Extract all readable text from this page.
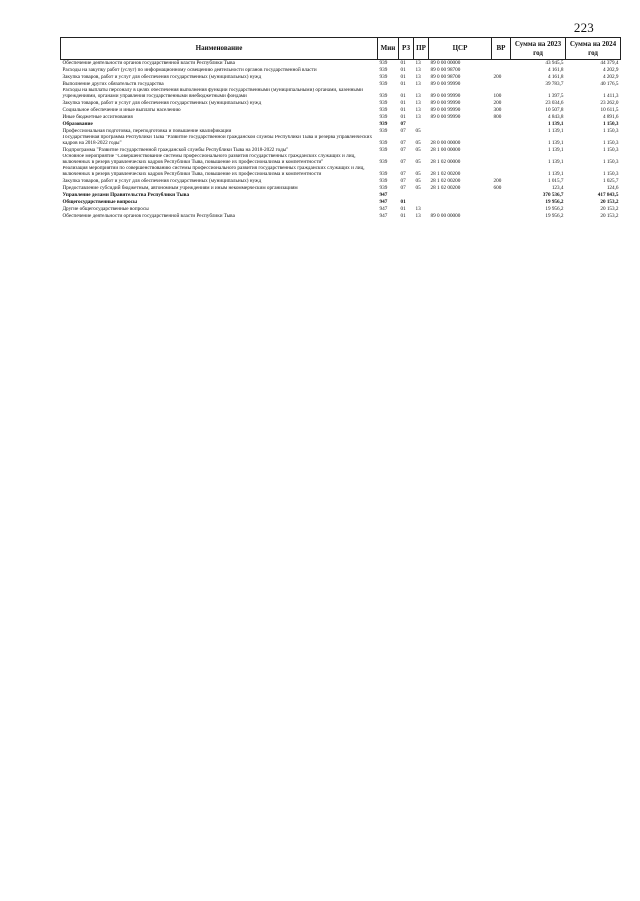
223
Наименование	Мин	РЗ	ПР	ЦСР	ВР	Сумма на 2023 год	Сумма на 2024 год
Обеспечение деятельности органов государственной власти Республики Тыва	939	01	13	89 0 00 00000		43 945,5	44 379,4
Расходы на закупку работ (услуг) по информационному освещению деятельности органов государственной власти	939	01	13	89 0 00 98700		4 161,8	4 202,9
Закупка товаров, работ и услуг для обеспечения государственных (муниципальных) нужд	939	01	13	89 0 00 98700	200	4 161,8	4 202,9
Выполнение других обязательств государства	939	01	13	89 0 00 99990		39 783,7	40 176,5
Расходы на выплаты персоналу в целях обеспечения выполнения функций государственными (муниципальными) органами, казенными учреждениями, органами управления государственными внебюджетными фондами	939	01	13	89 0 00 99990	100	1 397,5	1 411,3
Закупка товаров, работ и услуг для обеспечения государственных (муниципальных) нужд	939	01	13	89 0 00 99990	200	23 034,6	23 262,0
Социальное обеспечение и иные выплаты населению	939	01	13	89 0 00 99990	300	10 507,8	10 611,5
Иные бюджетные ассигнования	939	01	13	89 0 00 99990	800	4 843,8	4 891,6
Образование	939	07				1 139,1	1 150,3
Профессиональная подготовка, переподготовка и повышение квалификации	939	07	05			1 139,1	1 150,3
Государственная программа Республики Тыва "Развитие государственной гражданской службы Республики Тыва и резерва управленческих кадров на 2018-2022 годы"	939	07	05	28 0 00 00000		1 139,1	1 150,3
Подпрограмма "Развитие государственной гражданской службы Республики Тыва на 2018-2022 годы"	939	07	05	28 1 00 00000		1 139,1	1 150,3
Основное мероприятие "Совершенствование системы профессионального развития государственных гражданских служащих и лиц, включенных в резерв управленческих кадров Республики Тыва, повышение их профессионализма и компетентности"	939	07	05	28 1 02 00000		1 139,1	1 150,3
Реализация мероприятий по совершенствованию системы профессионального развития государственных гражданских служащих и лиц, включенных в резерв управленческих кадров Республики Тыва, повышение их профессионализма и компетентности	939	07	05	28 1 02 00200		1 139,1	1 150,3
Закупка товаров, работ и услуг для обеспечения государственных (муниципальных) нужд	939	07	05	28 1 02 00200	200	1 015,7	1 025,7
Предоставление субсидий бюджетным, автономным учреждениям и иным некоммерческим организациям	939	07	05	28 1 02 00200	600	123,4	124,6
Управление делами Правительства Республики Тыва	947					370 536,7	417 843,5
Общегосударственные вопросы	947	01				19 956,2	20 153,2
Другие общегосударственные вопросы	947	01	13			19 956,2	20 153,2
Обеспечение деятельности органов государственной власти Республики Тыва	947	01	13	89 0 00 00000		19 956,2	20 153,2
